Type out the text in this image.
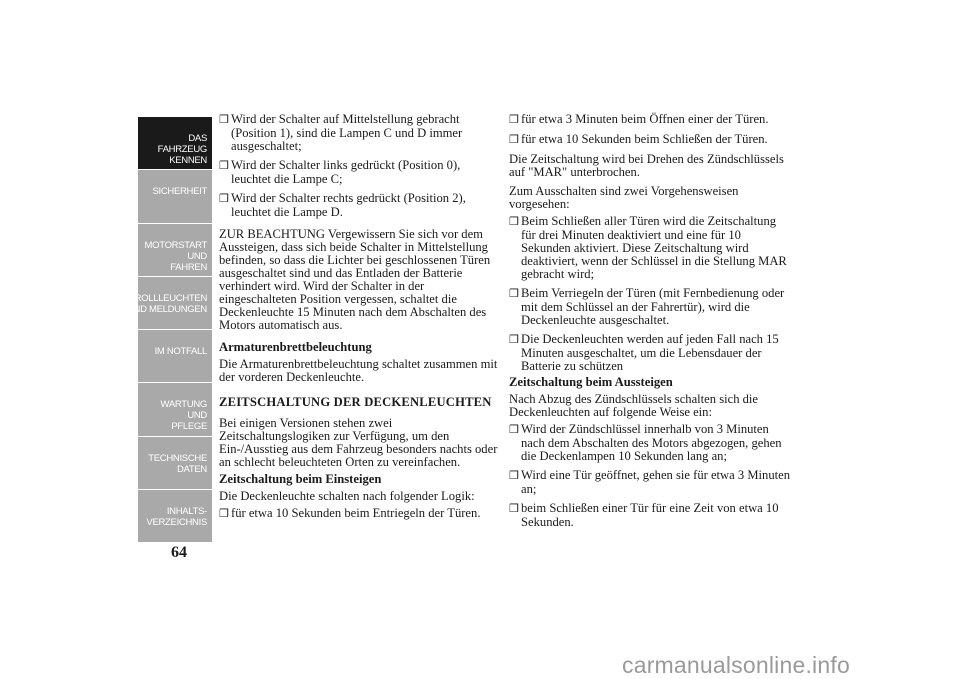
DAS FAHRZEUG
KENNEN
SICHERHEIT
MOTORSTART UND
FAHREN
KONTROLLLEUCHTEN
UND MELDUNGEN
IM NOTFALL
WARTUNG UND
PFLEGE
TECHNISCHE
DATEN
INHALTS-
VERZEICHNIS
64
❒ Wird der Schalter auf Mittelstellung gebracht (Position 1), sind die Lampen C und D immer ausgeschaltet;
❒ Wird der Schalter links gedrückt (Position 0), leuchtet die Lampe C;
❒ Wird der Schalter rechts gedrückt (Position 2), leuchtet die Lampe D.
ZUR BEACHTUNG Vergewissern Sie sich vor dem Aussteigen, dass sich beide Schalter in Mittelstellung befinden, so dass die Lichter bei geschlossenen Türen ausgeschaltet sind und das Entladen der Batterie verhindert wird. Wird der Schalter in der eingeschalteten Position vergessen, schaltet die Deckenleuchte 15 Minuten nach dem Abschalten des Motors automatisch aus.
Armaturenbrettbeleuchtung
Die Armaturenbrettbeleuchtung schaltet zusammen mit der vorderen Deckenleuchte.
ZEITSCHALTUNG DER DECKENLEUCHTEN
Bei einigen Versionen stehen zwei Zeitschaltungslogiken zur Verfügung, um den Ein-/Ausstieg aus dem Fahrzeug besonders nachts oder an schlecht beleuchteten Orten zu vereinfachen.
Zeitschaltung beim Einsteigen
Die Deckenleuchte schalten nach folgender Logik:
❒ für etwa 10 Sekunden beim Entriegeln der Türen.
❒ für etwa 3 Minuten beim Öffnen einer der Türen.
❒ für etwa 10 Sekunden beim Schließen der Türen.
Die Zeitschaltung wird bei Drehen des Zündschlüssels auf "MAR" unterbrochen.
Zum Ausschalten sind zwei Vorgehensweisen vorgesehen:
❒ Beim Schließen aller Türen wird die Zeitschaltung für drei Minuten deaktiviert und eine für 10 Sekunden aktiviert. Diese Zeitschaltung wird deaktiviert, wenn der Schlüssel in die Stellung MAR gebracht wird;
❒ Beim Verriegeln der Türen (mit Fernbedienung oder mit dem Schlüssel an der Fahrertür), wird die Deckenleuchte ausgeschaltet.
❒ Die Deckenleuchten werden auf jeden Fall nach 15 Minuten ausgeschaltet, um die Lebensdauer der Batterie zu schützen
Zeitschaltung beim Aussteigen
Nach Abzug des Zündschlüssels schalten sich die Deckenleuchten auf folgende Weise ein:
❒ Wird der Zündschlüssel innerhalb von 3 Minuten nach dem Abschalten des Motors abgezogen, gehen die Deckenlampen 10 Sekunden lang an;
❒ Wird eine Tür geöffnet, gehen sie für etwa 3 Minuten an;
❒ beim Schließen einer Tür für eine Zeit von etwa 10 Sekunden.
carmanualsonline.info
